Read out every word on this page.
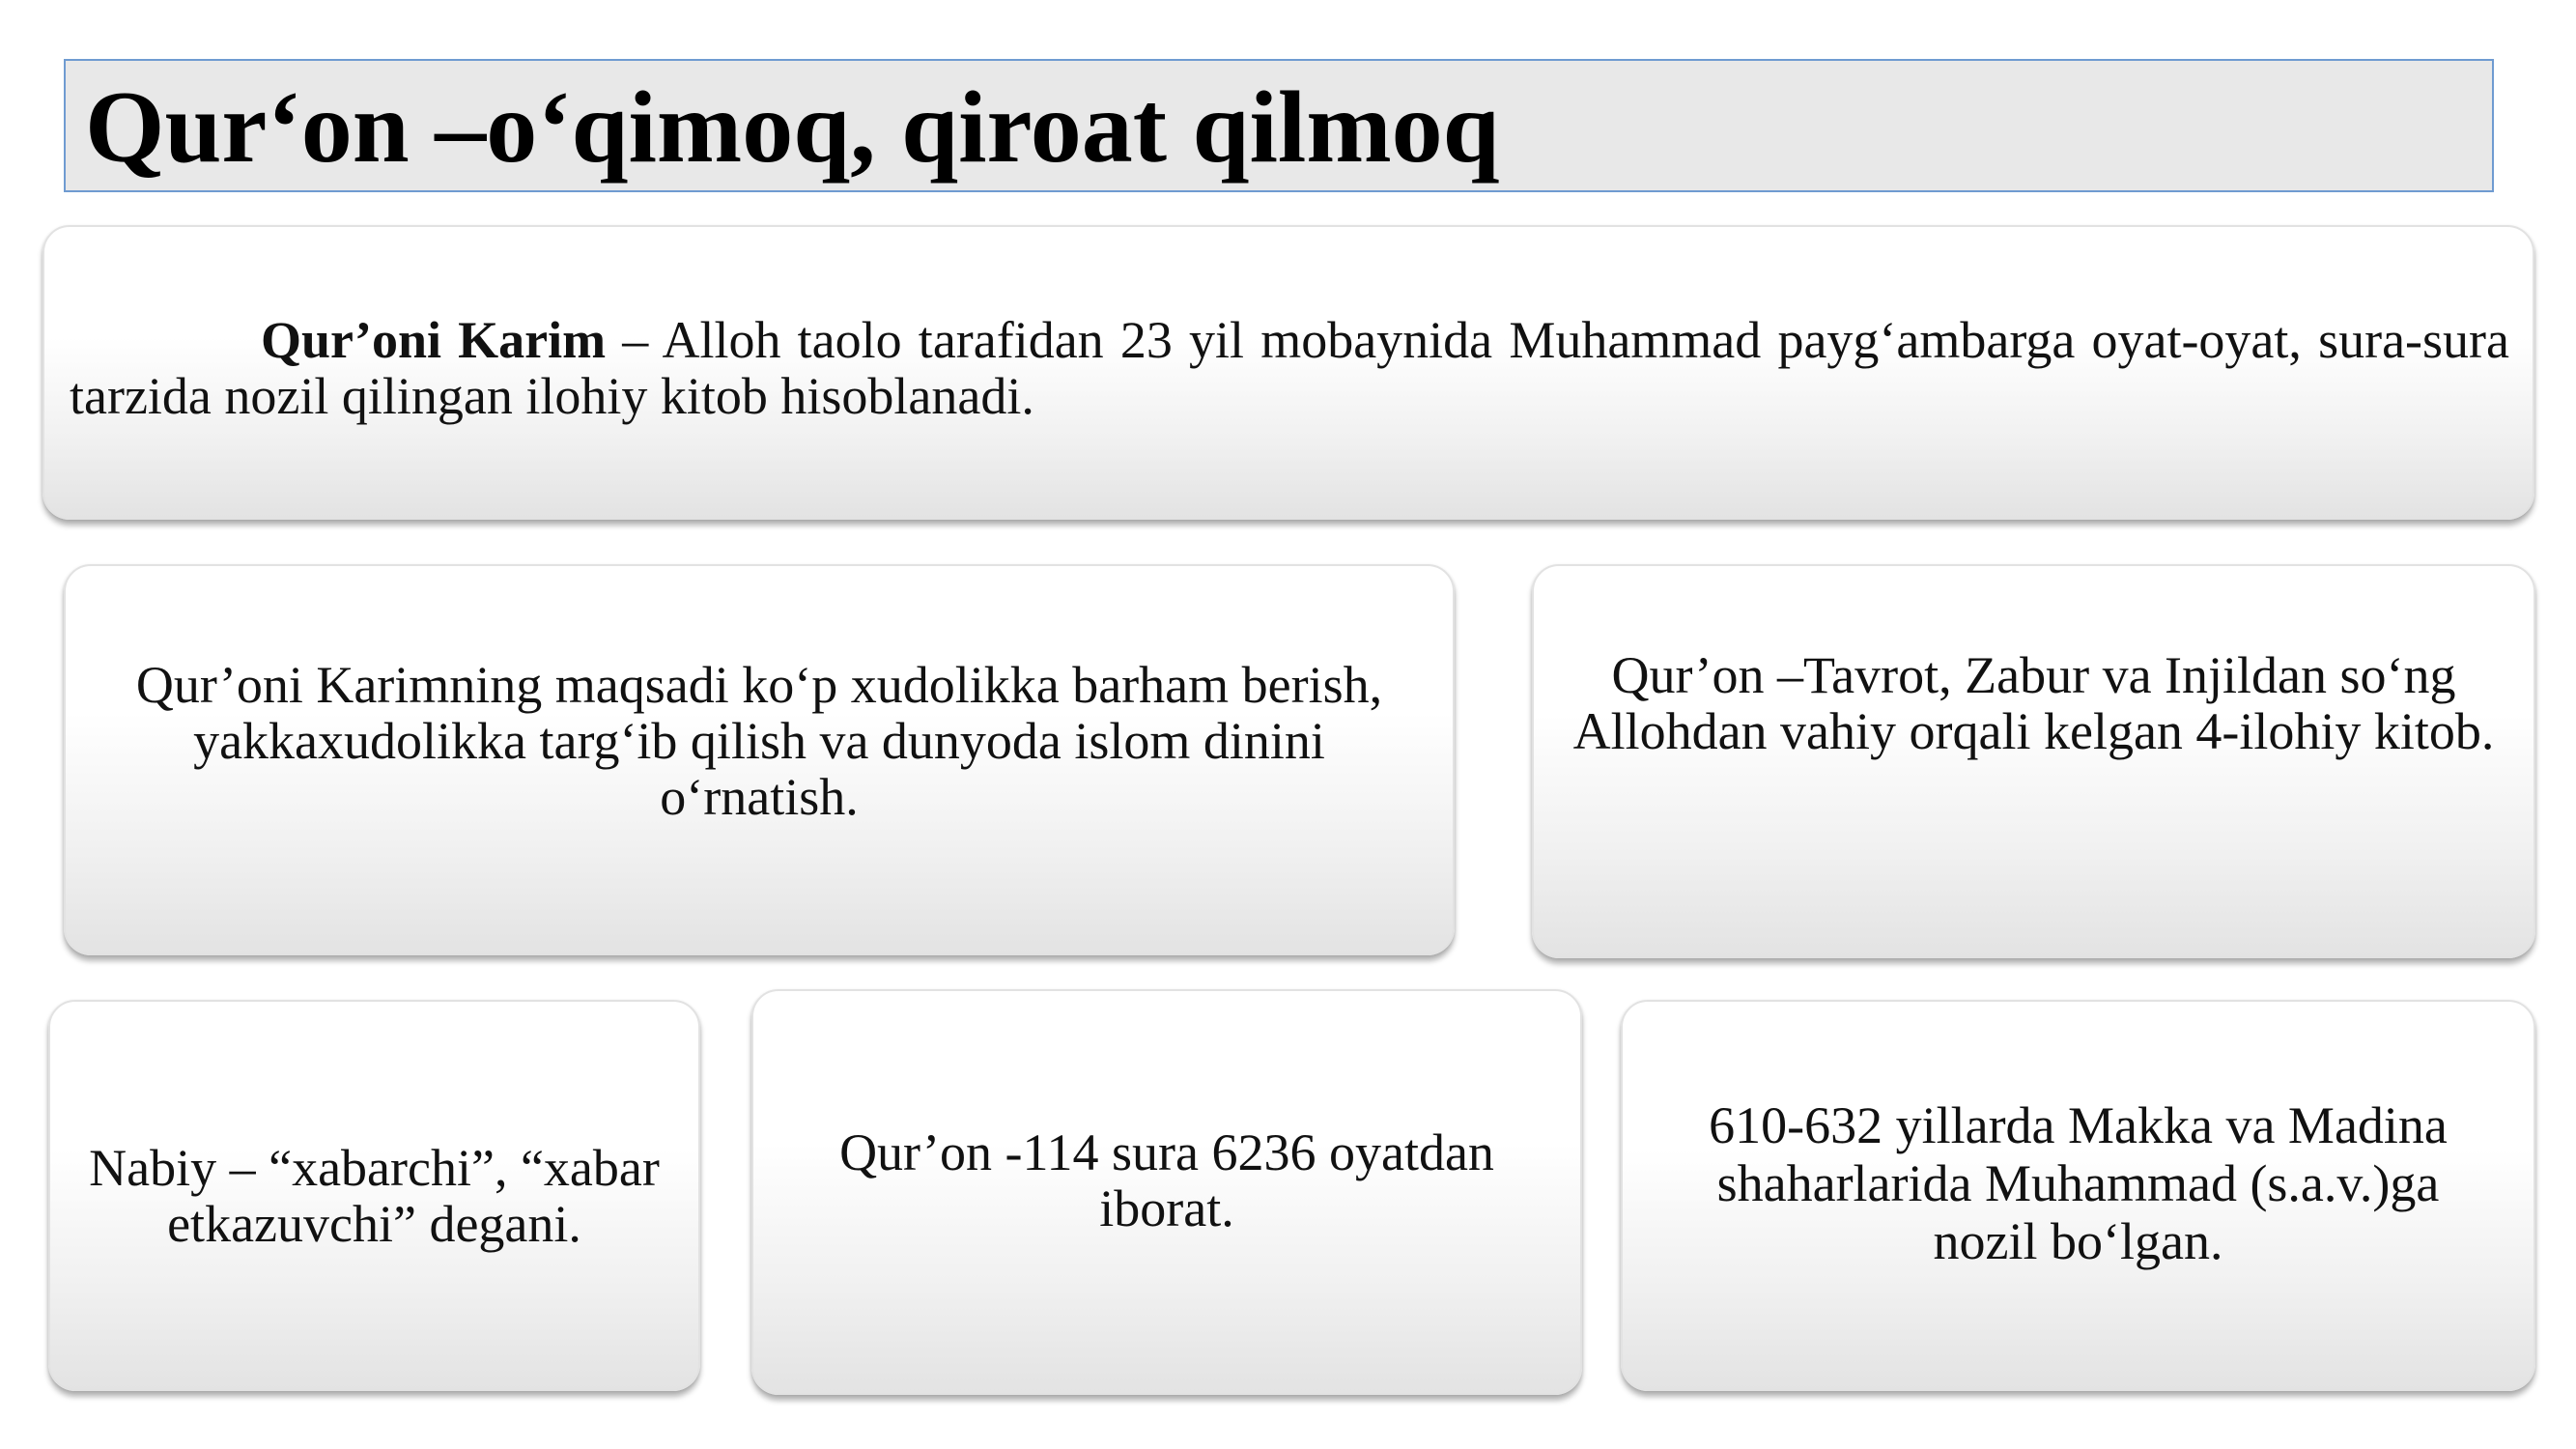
Qur‘on –o‘qimoq, qiroat qilmoq
Qur’oni Karim – Alloh taolo tarafidan 23 yil mobaynida Muhammad payg‘ambarga oyat-oyat, sura-sura tarzida nozil qilingan ilohiy kitob hisoblanadi.
Qur’oni Karimning maqsadi ko‘p xudolikka barham berish, yakkaxudolikka targ‘ib qilish va dunyoda islom dinini o‘rnatish.
Qur’on –Tavrot, Zabur va Injildan so‘ng Allohdan vahiy orqali kelgan 4-ilohiy kitob.
Nabiy – “xabarchi”, “xabar etkazuvchi” degani.
Qur’on -114 sura 6236 oyatdan iborat.
610-632 yillarda Makka va Madina shaharlarida Muhammad (s.a.v.)ga nozil bo‘lgan.
